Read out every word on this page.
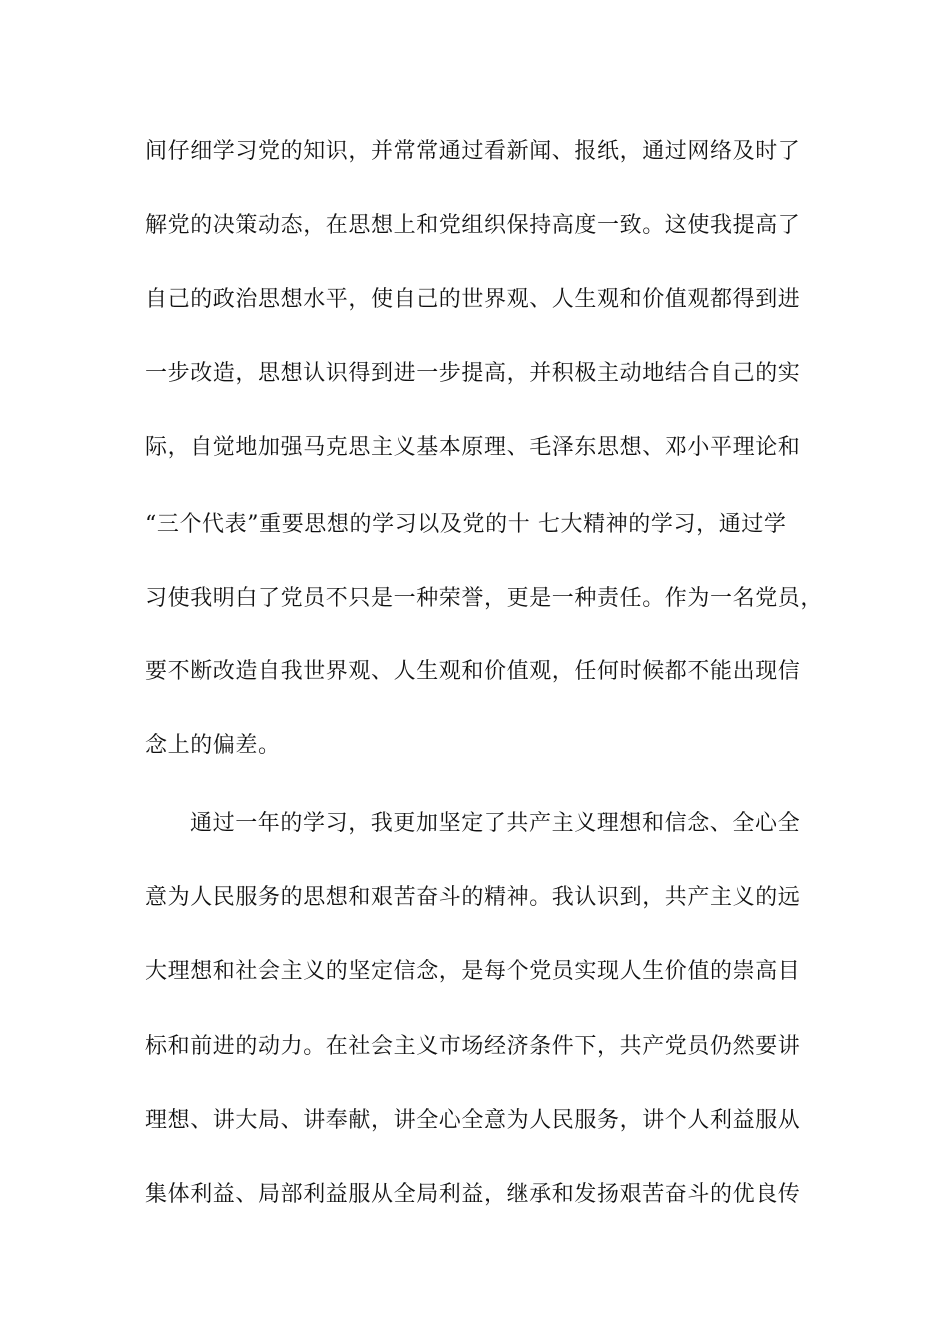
间仔细学习党的知识，并常常通过看新闻、报纸，通过网络及时了
解党的决策动态，在思想上和党组织保持高度一致。这使我提高了
自己的政治思想水平，使自己的世界观、人生观和价值观都得到进
一步改造，思想认识得到进一步提高，并积极主动地结合自己的实
际，自觉地加强马克思主义基本原理、毛泽东思想、邓小平理论和
“三个代表”重要思想的学习以及党的十 七大精神的学习，通过学
习使我明白了党员不只是一种荣誉，更是一种责任。作为一名党员，
要不断改造自我世界观、人生观和价值观，任何时候都不能出现信
念上的偏差。
通过一年的学习，我更加坚定了共产主义理想和信念、全心全
意为人民服务的思想和艰苦奋斗的精神。我认识到，共产主义的远
大理想和社会主义的坚定信念，是每个党员实现人生价值的崇高目
标和前进的动力。在社会主义市场经济条件下，共产党员仍然要讲
理想、讲大局、讲奉献，讲全心全意为人民服务，讲个人利益服从
集体利益、局部利益服从全局利益，继承和发扬艰苦奋斗的优良传
